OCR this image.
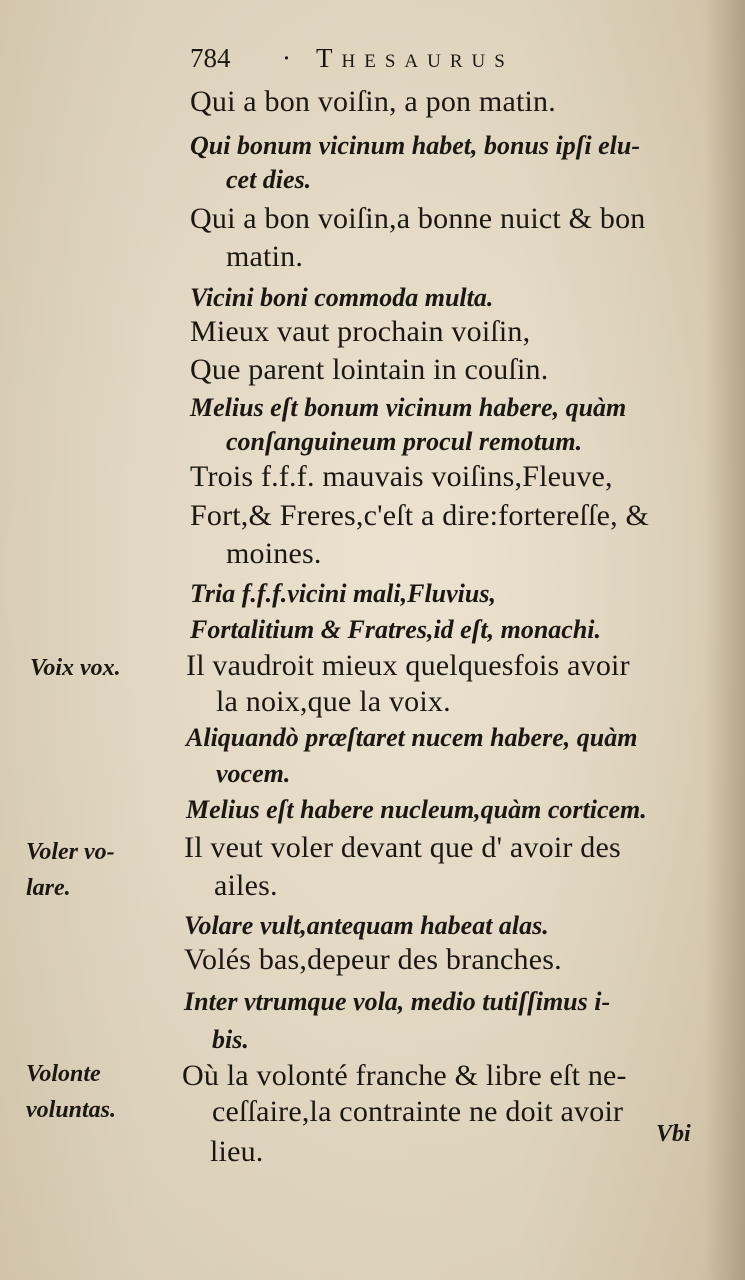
784 · Thesaurus
Qui a bon voiſin, a pon matin.
Qui bonum vicinum habet, bonus ipſi elu-
cet dies.
Qui a bon voiſin,a bonne nuict & bon
matin.
Vicini boni commoda multa.
Mieux vaut prochain voiſin,
Que parent lointain in couſin.
Melius eſt bonum vicinum habere, quàm
conſanguineum procul remotum.
Trois f.f.f. mauvais voiſins,Fleuve,
Fort,& Freres,c'eſt a dire:fortereſſe, &
moines.
Tria f.f.f.vicini mali,Fluvius,
Fortalitium & Fratres,id eſt, monachi.
Il vaudroit mieux quelquesfois avoir
la noix,que la voix.
Aliquandò præſtaret nucem habere, quàm
vocem.
Melius eſt habere nucleum,quàm corticem.
Il veut voler devant que d' avoir des
ailes.
Volare vult,antequam habeat alas.
Volés bas,depeur des branches.
Inter vtrumque vola, medio tutiſſimus i-
bis.
Où la volonté franche & libre eſt ne-
ceſſaire,la contrainte ne doit avoir
lieu.
Vbi
Voix vox.
Voler vo-
lare.
Volonte
voluntas.
